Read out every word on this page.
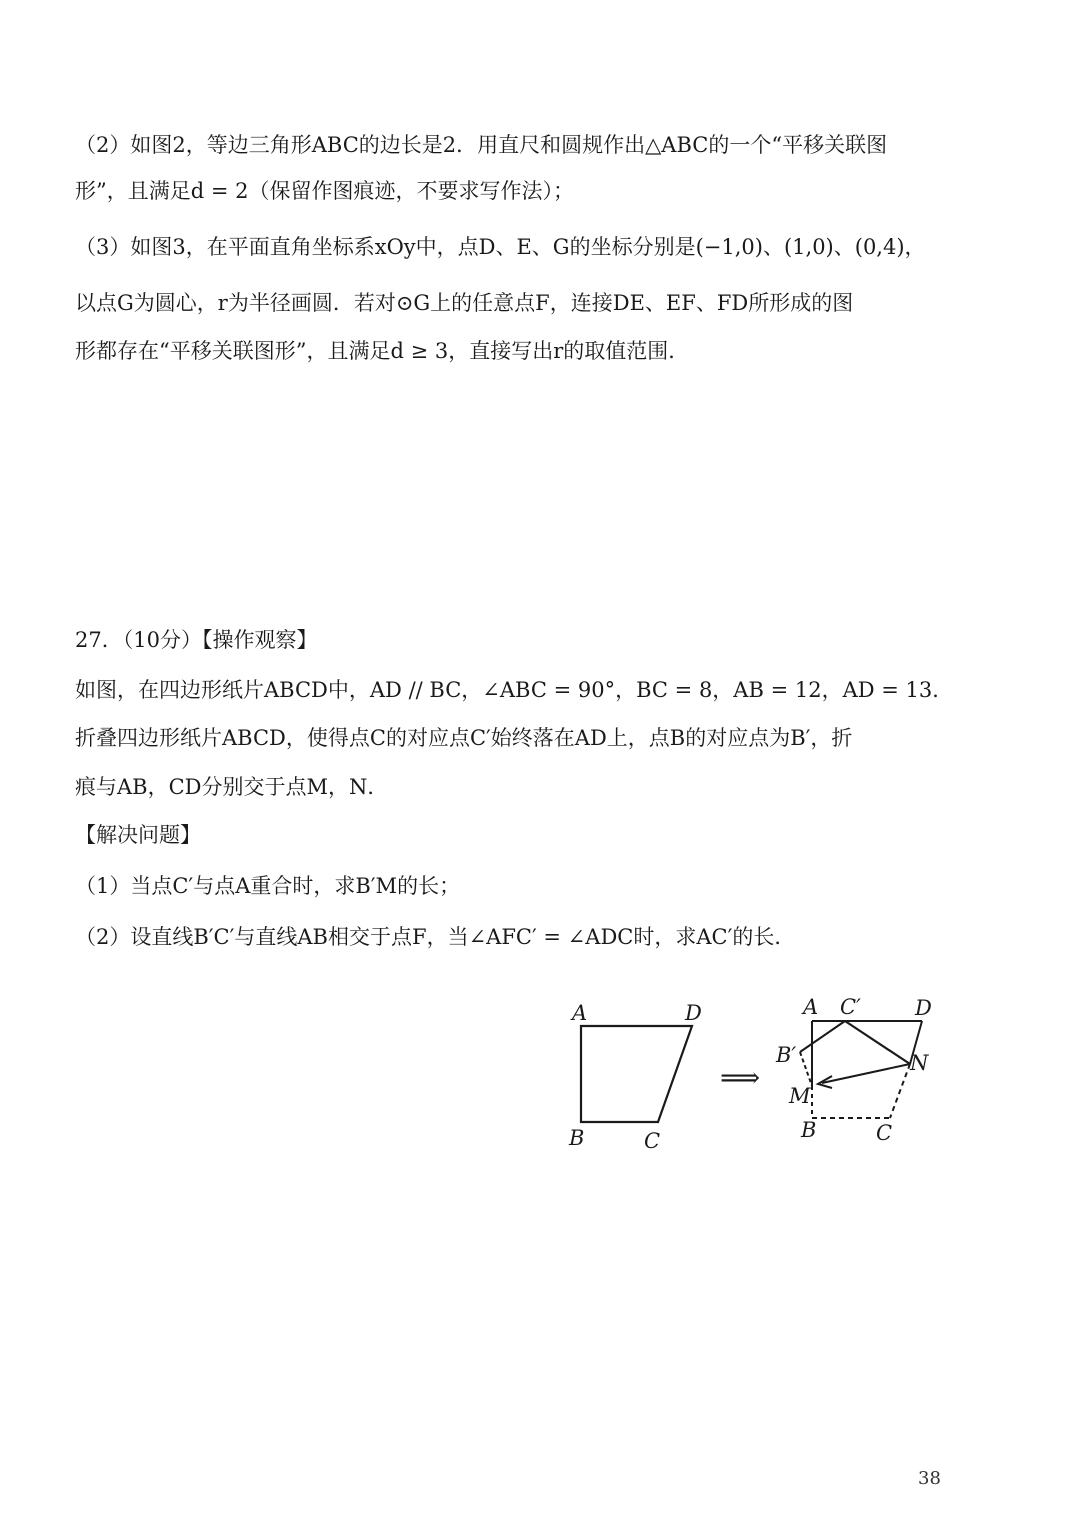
（2）如图2，等边三角形ABC的边长是2．用直尺和圆规作出△ABC的一个“平移关联图
形”，且满足d = 2（保留作图痕迹，不要求写作法）；
（3）如图3，在平面直角坐标系xOy中，点D、E、G的坐标分别是(−1,0)、(1,0)、(0,4)，
以点G为圆心，r为半径画圆．若对⊙G上的任意点F，连接DE、EF、FD所形成的图
形都存在“平移关联图形”，且满足d ≥ 3，直接写出r的取值范围．
27．（10分）【操作观察】
如图，在四边形纸片ABCD中，AD // BC，∠ABC = 90°，BC = 8，AB = 12，AD = 13．
折叠四边形纸片ABCD，使得点C的对应点C′始终落在AD上，点B的对应点为B′，折
痕与AB，CD分别交于点M，N．
【解决问题】
（1）当点C′与点A重合时，求B′M的长；
（2）设直线B′C′与直线AB相交于点F，当∠AFC′ = ∠ADC时，求AC′的长．
A	D
B	C
⟹
A C′	D
B′	N
M
B	C
38
